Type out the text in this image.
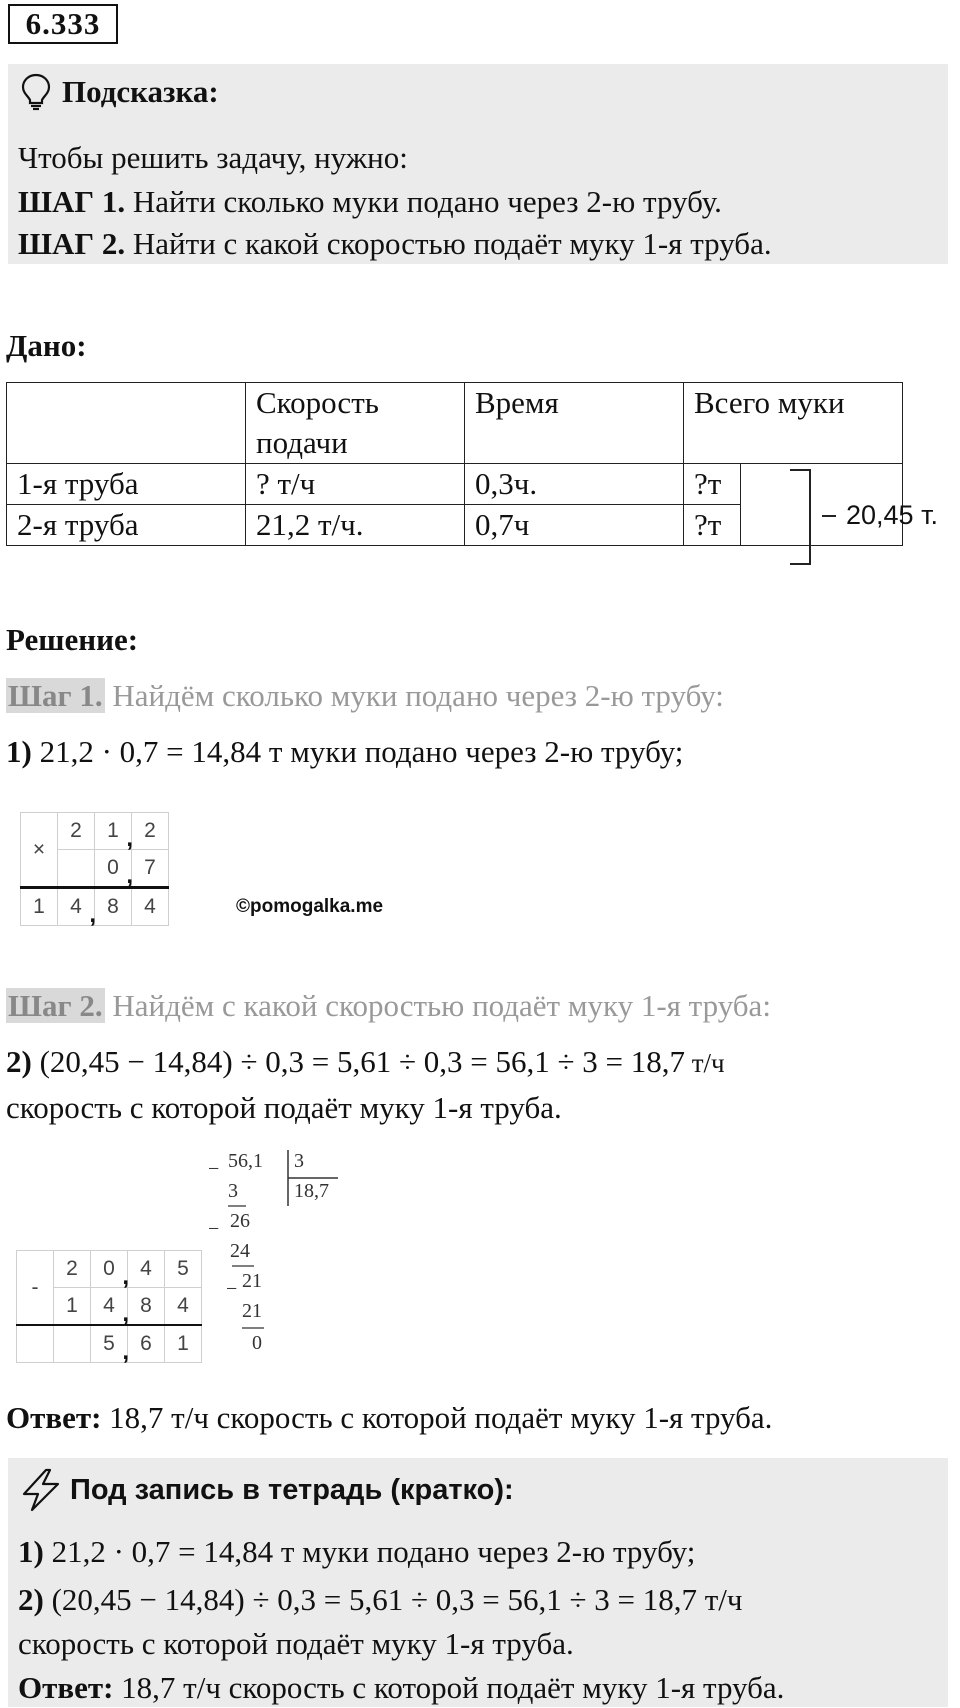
6.333
Подсказка:
Чтобы решить задачу, нужно:
ШАГ 1. Найти сколько муки подано через 2-ю трубу.
ШАГ 2. Найти с какой скоростью подаёт муку 1-я труба.
Дано:
	Скорость подачи	Время	Всего муки	
1-я труба	? т/ч	0,3ч.	?т	
2-я труба	21,2 т/ч.	0,7ч	?т		20,45 т.
Решение:
Шаг 1. Найдём сколько муки подано через 2-ю трубу:
1) 21,2 · 0,7 = 14,84 т муки подано через 2-ю трубу;
×	2	1 ,	2
		0 ,	7
1	4 ,	8	4	©pomogalka.me
Шаг 2. Найдём с какой скоростью подаёт муку 1-я труба:
2) (20,45 − 14,84) ÷ 0,3 = 5,61 ÷ 0,3 = 56,1 ÷ 3 = 18,7 т/ч
скорость с которой подаёт муку 1-я труба.
-	2	0 ,	4	5
	1	4 ,	8	4
		5 ,	6	1
− 56,1 3
18,7
3
− 26
24
− 21
21
0
Ответ: 18,7 т/ч скорость с которой подаёт муку 1-я труба.
Под запись в тетрадь (кратко):
1) 21,2 · 0,7 = 14,84 т муки подано через 2-ю трубу;
2) (20,45 − 14,84) ÷ 0,3 = 5,61 ÷ 0,3 = 56,1 ÷ 3 = 18,7 т/ч
скорость с которой подаёт муку 1-я труба.
Ответ: 18,7 т/ч скорость с которой подаёт муку 1-я труба.
